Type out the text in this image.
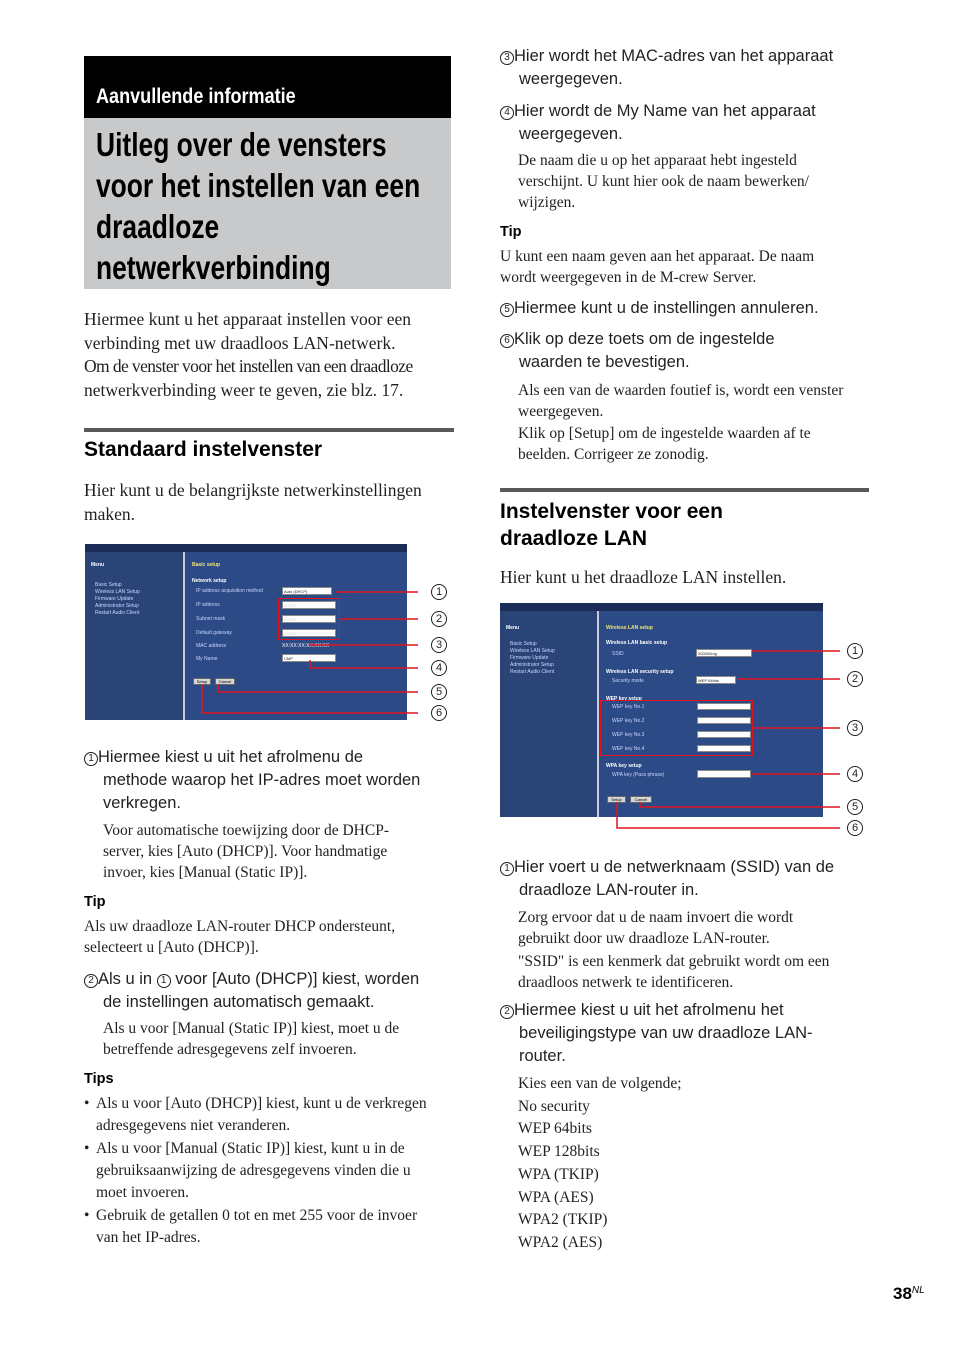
Aanvullende informatie
Uitleg over de vensters
voor het instellen van een
draadloze
netwerkverbinding
Hiermee kunt u het apparaat instellen voor een
verbinding met uw draadloos LAN-netwerk.
Om de venster voor het instellen van een draadloze
netwerkverbinding weer te geven, zie blz. 17.
Standaard instelvenster
Hier kunt u de belangrijkste netwerkinstellingen
maken.
Menu
Basic Setup
Wireless LAN Setup
Firmware Update
Administrator Setup
Restart Audio Client
Basic setup
Network setup
IP address acquisition method	Auto (DHCP)
IP address	0.0.0.0
Subnet mask	0.0.0.0
Default gateway	0.0.0.0
MAC address	XX:XX:XX:XX:XX:XX
My Name	CMP
Setup	Cancel
Menu
Basic Setup
Wireless LAN Setup
Firmware Update
Administrator Setup
Restart Audio Client
Wireless LAN setup
Wireless LAN basic setup
SSID	000000mg
Wireless LAN security setup
Security mode	WEP 64bits
WEP key setup
WEP key No.1
WEP key No.2
WEP key No.3
WEP key No.4
WPA key setup
WPA key (Pass phrase)
Setup	Cancel
1
2
3
4
5
6
1
2
3
4
5
6
1 Hiermee kiest u uit het afrolmenu de
methode waarop het IP-adres moet worden
verkregen.
Voor automatische toewijzing door de DHCP-
server, kies [Auto (DHCP)]. Voor handmatige
invoer, kies [Manual (Static IP)].
Tip
Als uw draadloze LAN-router DHCP ondersteunt,
selecteert u [Auto (DHCP)].
2 Als u in 1 voor [Auto (DHCP)] kiest, worden
de instellingen automatisch gemaakt.
Als u voor [Manual (Static IP)] kiest, moet u de
betreffende adresgegevens zelf invoeren.
Tips
• Als u voor [Auto (DHCP)] kiest, kunt u de verkregen
adresgegevens niet veranderen.
• Als u voor [Manual (Static IP)] kiest, kunt u in de
gebruiksaanwijzing de adresgegevens vinden die u
moet invoeren.
• Gebruik de getallen 0 tot en met 255 voor de invoer
van het IP-adres.
3 Hier wordt het MAC-adres van het apparaat
weergegeven.
4 Hier wordt de My Name van het apparaat
weergegeven.
De naam die u op het apparaat hebt ingesteld
verschijnt. U kunt hier ook de naam bewerken/
wijzigen.
Tip
U kunt een naam geven aan het apparaat. De naam
wordt weergegeven in de M-crew Server.
5 Hiermee kunt u de instellingen annuleren.
6 Klik op deze toets om de ingestelde
waarden te bevestigen.
Als een van de waarden foutief is, wordt een venster
weergegeven.
Klik op [Setup] om de ingestelde waarden af te
beelden. Corrigeer ze zonodig.
Instelvenster voor een
draadloze LAN
Hier kunt u het draadloze LAN instellen.
1 Hier voert u de netwerknaam (SSID) van de
draadloze LAN-router in.
Zorg ervoor dat u de naam invoert die wordt
gebruikt door uw draadloze LAN-router.
"SSID" is een kenmerk dat gebruikt wordt om een
draadloos netwerk te identificeren.
2 Hiermee kiest u uit het afrolmenu het
beveiligingstype van uw draadloze LAN-
router.
Kies een van de volgende;
No security
WEP 64bits
WEP 128bits
WPA (TKIP)
WPA (AES)
WPA2 (TKIP)
WPA2 (AES)
$38^{NL}$
